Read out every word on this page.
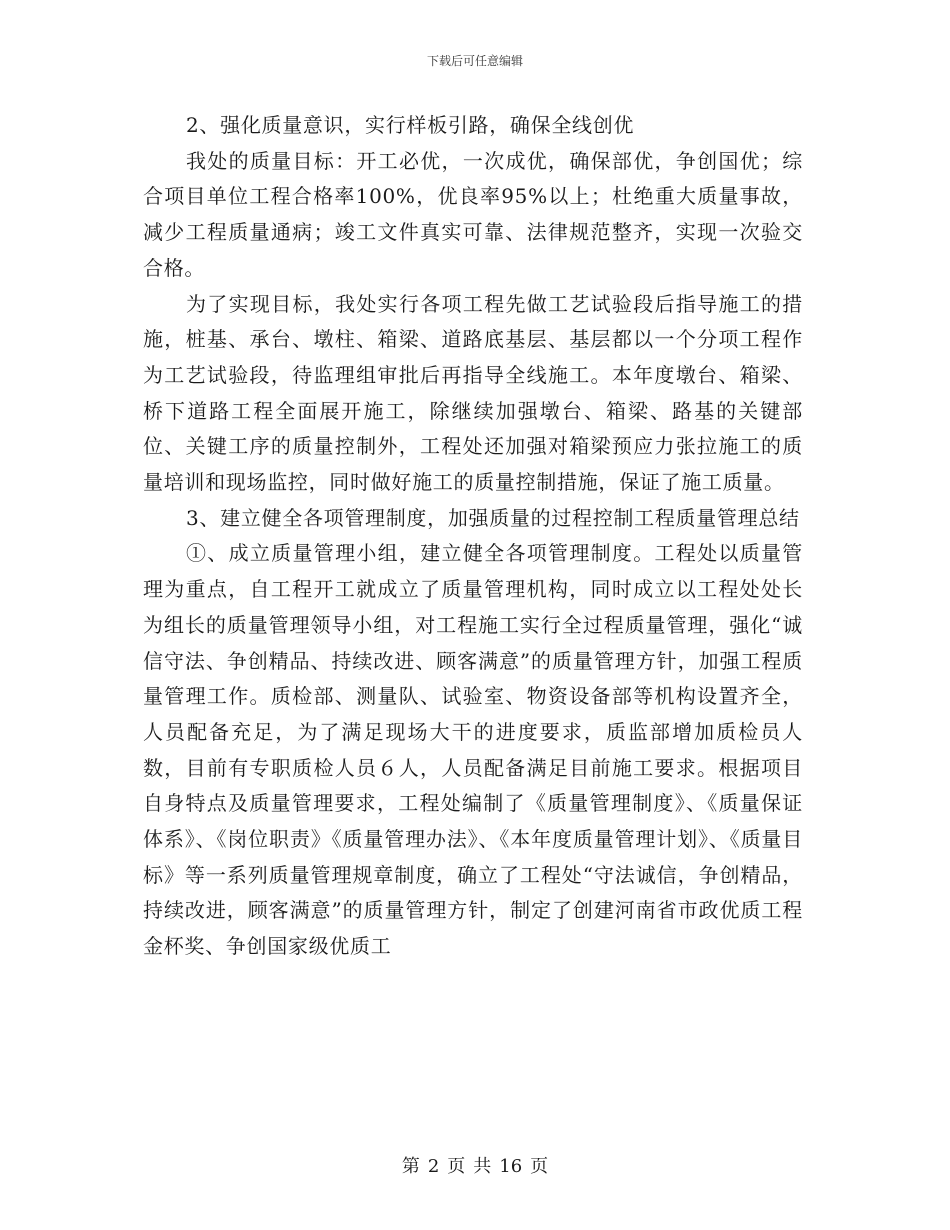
下载后可任意编辑

2、强化质量意识，实行样板引路，确保全线创优

我处的质量目标：开工必优，一次成优，确保部优，争创国优；综合项目单位工程合格率100%，优良率95%以上；杜绝重大质量事故，减少工程质量通病；竣工文件真实可靠、法律规范整齐，实现一次验交合格。

为了实现目标，我处实行各项工程先做工艺试验段后指导施工的措施，桩基、承台、墩柱、箱梁、道路底基层、基层都以一个分项工程作为工艺试验段，待监理组审批后再指导全线施工。本年度墩台、箱梁、桥下道路工程全面展开施工，除继续加强墩台、箱梁、路基的关键部位、关键工序的质量控制外，工程处还加强对箱梁预应力张拉施工的质量培训和现场监控，同时做好施工的质量控制措施，保证了施工质量。

3、建立健全各项管理制度，加强质量的过程控制工程质量管理总结

①、成立质量管理小组，建立健全各项管理制度。工程处以质量管理为重点，自工程开工就成立了质量管理机构，同时成立以工程处处长为组长的质量管理领导小组，对工程施工实行全过程质量管理，强化“诚信守法、争创精品、持续改进、顾客满意”的质量管理方针，加强工程质量管理工作。质检部、测量队、试验室、物资设备部等机构设置齐全，人员配备充足，为了满足现场大干的进度要求，质监部增加质检员人数，目前有专职质检人员６人，人员配备满足目前施工要求。根据项目自身特点及质量管理要求，工程处编制了《质量管理制度》、《质量保证体系》、《岗位职责》《质量管理办法》、《本年度质量管理计划》、《质量目标》等一系列质量管理规章制度，确立了工程处“守法诚信，争创精品，持续改进，顾客满意”的质量管理方针，制定了创建河南省市政优质工程金杯奖、争创国家级优质工

第 2 页 共 16 页
